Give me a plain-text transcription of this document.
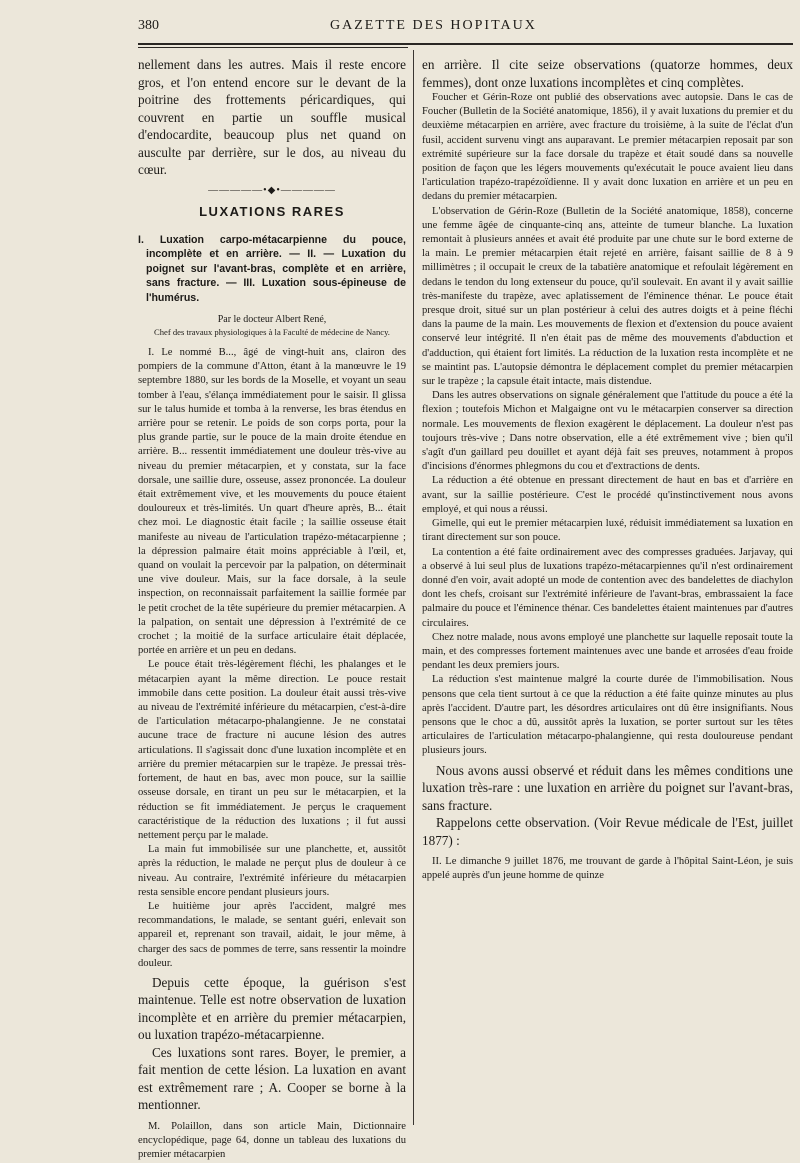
380	GAZETTE DES HOPITAUX

nellement dans les autres. Mais il reste encore gros, et l'on entend encore sur le devant de la poitrine des frottements péricardiques, qui couvrent en partie un souffle musical d'endocardite, beaucoup plus net quand on ausculte par derrière, sur le dos, au niveau du cœur.

—————•◆•—————
LUXATIONS RARES

I. Luxation carpo-métacarpienne du pouce, incomplète et en arrière. — II. — Luxation du poignet sur l'avant-bras, complète et en arrière, sans fracture. — III. Luxation sous-épineuse de l'humérus.

Par le docteur Albert René,
Chef des travaux physiologiques à la Faculté de médecine de Nancy.

I. Le nommé B..., âgé de vingt-huit ans, clairon des pompiers de la commune d'Atton, étant à la manœuvre le 19 septembre 1880, sur les bords de la Moselle, et voyant un seau tomber à l'eau, s'élança immédiatement pour le saisir. Il glissa sur le talus humide et tomba à la renverse, les bras étendus en arrière pour se retenir. Le poids de son corps porta, pour la plus grande partie, sur le pouce de la main droite étendue en arrière. B... ressentit immédiatement une douleur très-vive au niveau du premier métacarpien, et y constata, sur la face dorsale, une saillie dure, osseuse, assez prononcée. La douleur était extrêmement vive, et les mouvements du pouce étaient douloureux et très-limités. Un quart d'heure après, B... était chez moi. Le diagnostic était facile ; la saillie osseuse était manifeste au niveau de l'articulation trapézo-métacarpienne ; la dépression palmaire était moins appréciable à l'œil, et, quand on voulait la percevoir par la palpation, on déterminait une vive douleur. Mais, sur la face dorsale, à la seule inspection, on reconnaissait parfaitement la saillie formée par le petit crochet de la tête supérieure du premier métacarpien. A la palpation, on sentait une dépression à l'extrémité de ce crochet ; la moitié de la surface articulaire était déplacée, portée en arrière et un peu en dedans.

Le pouce était très-légèrement fléchi, les phalanges et le métacarpien ayant la même direction. Le pouce restait immobile dans cette position. La douleur était aussi très-vive au niveau de l'extrémité inférieure du métacarpien, c'est-à-dire de l'articulation métacarpo-phalangienne. Je ne constatai aucune trace de fracture ni aucune lésion des autres articulations. Il s'agissait donc d'une luxation incomplète et en arrière du premier métacarpien sur le trapèze. Je pressai très-fortement, de haut en bas, avec mon pouce, sur la saillie osseuse dorsale, en tirant un peu sur le métacarpien, et la réduction se fit immédiatement. Je perçus le craquement caractéristique de la réduction des luxations ; il fut aussi nettement perçu par le malade.

La main fut immobilisée sur une planchette, et, aussitôt après la réduction, le malade ne perçut plus de douleur à ce niveau. Au contraire, l'extrémité inférieure du métacarpien resta sensible encore pendant plusieurs jours.

Le huitième jour après l'accident, malgré mes recommandations, le malade, se sentant guéri, enlevait son appareil et, reprenant son travail, aidait, le jour même, à charger des sacs de pommes de terre, sans ressentir la moindre douleur.

Depuis cette époque, la guérison s'est maintenue. Telle est notre observation de luxation incomplète et en arrière du premier métacarpien, ou luxation trapézo-métacarpienne.

Ces luxations sont rares. Boyer, le premier, a fait mention de cette lésion. La luxation en avant est extrêmement rare ; A. Cooper se borne à la mentionner.

M. Polaillon, dans son article Main, Dictionnaire encyclopédique, page 64, donne un tableau des luxations du premier métacarpien

en arrière. Il cite seize observations (quatorze hommes, deux femmes), dont onze luxations incomplètes et cinq complètes.

Foucher et Gérin-Roze ont publié des observations avec autopsie. Dans le cas de Foucher (Bulletin de la Société anatomique, 1856), il y avait luxations du premier et du deuxième métacarpien en arrière, avec fracture du troisième, à la suite de l'éclat d'un fusil, accident survenu vingt ans auparavant. Le premier métacarpien reposait par son extrémité supérieure sur la face dorsale du trapèze et était soudé dans sa nouvelle position de façon que les légers mouvements qu'exécutait le pouce avaient lieu dans l'articulation trapézo-trapézoïdienne. Il y avait donc luxation en arrière et un peu en dedans du premier métacarpien.

L'observation de Gérin-Roze (Bulletin de la Société anatomique, 1858), concerne une femme âgée de cinquante-cinq ans, atteinte de tumeur blanche. La luxation remontait à plusieurs années et avait été produite par une chute sur le bord externe de la main. Le premier métacarpien était rejeté en arrière, faisant saillie de 8 à 9 millimètres ; il occupait le creux de la tabatière anatomique et refoulait légèrement en dedans le tendon du long extenseur du pouce, qu'il soulevait. En avant il y avait saillie très-manifeste du trapèze, avec aplatissement de l'éminence thénar. Le pouce était presque droit, situé sur un plan postérieur à celui des autres doigts et à peine fléchi dans la paume de la main. Les mouvements de flexion et d'extension du pouce avaient conservé leur intégrité. Il n'en était pas de même des mouvements d'abduction et d'adduction, qui étaient fort limités. La réduction de la luxation resta incomplète et ne se maintint pas. L'autopsie démontra le déplacement complet du premier métacarpien sur le trapèze ; la capsule était intacte, mais distendue.

Dans les autres observations on signale généralement que l'attitude du pouce a été la flexion ; toutefois Michon et Malgaigne ont vu le métacarpien conserver sa direction normale. Les mouvements de flexion exagèrent le déplacement. La douleur n'est pas toujours très-vive ; Dans notre observation, elle a été extrêmement vive ; bien qu'il s'agît d'un gaillard peu douillet et ayant déjà fait ses preuves, notamment à propos d'incisions d'énormes phlegmons du cou et d'extractions de dents.

La réduction a été obtenue en pressant directement de haut en bas et d'arrière en avant, sur la saillie postérieure. C'est le procédé qu'instinctivement nous avons employé, et qui nous a réussi.

Gimelle, qui eut le premier métacarpien luxé, réduisit immédiatement sa luxation en tirant directement sur son pouce.

La contention a été faite ordinairement avec des compresses graduées. Jarjavay, qui a observé à lui seul plus de luxations trapézo-métacarpiennes qu'il n'est ordinairement donné d'en voir, avait adopté un mode de contention avec des bandelettes de diachylon dont les chefs, croisant sur l'extrémité inférieure de l'avant-bras, embrassaient la face palmaire du pouce et l'éminence thénar. Ces bandelettes étaient maintenues par d'autres circulaires.

Chez notre malade, nous avons employé une planchette sur laquelle reposait toute la main, et des compresses fortement maintenues avec une bande et arrosées d'eau froide pendant les deux premiers jours.

La réduction s'est maintenue malgré la courte durée de l'immobilisation. Nous pensons que cela tient surtout à ce que la réduction a été faite quinze minutes au plus après l'accident. D'autre part, les désordres articulaires ont dû être insignifiants. Nous pensons que le choc a dû, aussitôt après la luxation, se porter surtout sur les têtes articulaires de l'articulation métacarpo-phalangienne, qui resta douloureuse pendant plusieurs jours.

Nous avons aussi observé et réduit dans les mêmes conditions une luxation très-rare : une luxation en arrière du poignet sur l'avant-bras, sans fracture.

Rappelons cette observation. (Voir Revue médicale de l'Est, juillet 1877) :

II. Le dimanche 9 juillet 1876, me trouvant de garde à l'hôpital Saint-Léon, je suis appelé auprès d'un jeune homme de quinze
